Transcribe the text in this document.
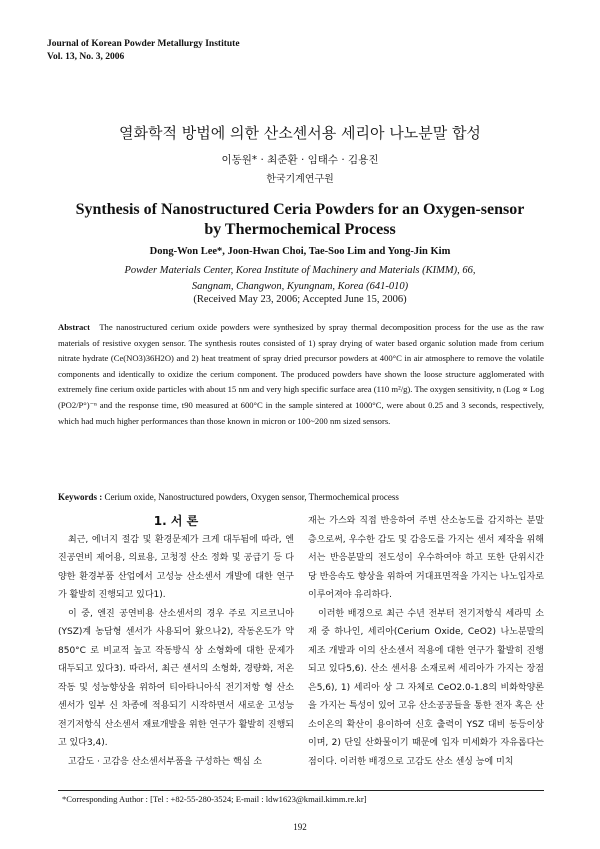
Journal of Korean Powder Metallurgy Institute
Vol. 13, No. 3, 2006
열화학적 방법에 의한 산소센서용 세리아 나노분말 합성
이동원* · 최준환 · 임태수 · 김용진
한국기계연구원
Synthesis of Nanostructured Ceria Powders for an Oxygen-sensor
by Thermochemical Process
Dong-Won Lee*, Joon-Hwan Choi, Tae-Soo Lim and Yong-Jin Kim
Powder Materials Center, Korea Institute of Machinery and Materials (KIMM), 66,
Sangnam, Changwon, Kyungnam, Korea (641-010)
(Received May 23, 2006; Accepted June 15, 2006)
Abstract The nanostructured cerium oxide powders were synthesized by spray thermal decomposition process for the use as the raw materials of resistive oxygen sensor. The synthesis routes consisted of 1) spray drying of water based organic solution made from cerium nitrate hydrate (Ce(NO3)36H2O) and 2) heat treatment of spray dried precursor powders at 400°C in air atmosphere to remove the volatile components and identically to oxidize the cerium component. The produced powders have shown the loose structure agglomerated with extremely fine cerium oxide particles with about 15 nm and very high specific surface area (110 m²/g). The oxygen sensitivity, n (Log ∝ Log (PO2/P°)⁻ⁿ and the response time, t90 measured at 600°C in the sample sintered at 1000°C, were about 0.25 and 3 seconds, respectively, which had much higher performances than those known in micron or 100~200 nm sized sensors.
Keywords : Cerium oxide, Nanostructured powders, Oxygen sensor, Thermochemical process

1. 서 론

최근, 에너지 절감 및 환경문제가 크게 대두됨에 따라, 엔진공연비 제어용, 의료용, 고청정 산소 정화 및 공급기 등 다양한 환경부품 산업에서 고성능 산소센서 개발에 대한 연구가 활발히 진행되고 있다1).

이 중, 엔진 공연비용 산소센서의 경우 주로 지르코니아(YSZ)계 농담형 센서가 사용되어 왔으나2), 작동온도가 약 850°C 로 비교적 높고 작동방식 상 소형화에 대한 문제가 대두되고 있다3). 따라서, 최근 센서의 소형화, 경량화, 저온작동 및 성능향상을 위하여 티아타니아식 전기저항 형 산소센서가 일부 신 차종에 적용되기 시작하면서 새로운 고성능 전기저항식 산소센서 재료개발을 위한 연구가 활발히 진행되고 있다3,4).

고감도 · 고감응 산소센서부품을 구성하는 핵심 소

재는 가스와 직접 반응하여 주변 산소농도를 감지하는 분말 층으로써, 우수한 감도 및 감응도를 가지는 센서 제작을 위해서는 반응분말의 전도성이 우수하여야 하고 또한 단위시간 당 반응속도 향상을 위하여 거대표면적을 가지는 나노입자로 이루어져야 유리하다.

이러한 배경으로 최근 수년 전부터 전기저항식 세라믹 소재 중 하나인, 세리아(Cerium Oxide, CeO2) 나노분말의 제조 개발과 이의 산소센서 적용에 대한 연구가 활발히 진행되고 있다5,6). 산소 센서용 소재로써 세리아가 가지는 장점은5,6), 1) 세리아 상 그 자체로 CeO2.0-1.8의 비화학양론을 가지는 특성이 있어 고유 산소공공들을 통한 전자 혹은 산소이온의 확산이 용이하여 신호 출력이 YSZ 대비 동등이상 이며, 2) 단일 산화물이기 때문에 입자 미세화가 자유롭다는 점이다. 이러한 배경으로 고감도 산소 센싱 능에 미치

*Corresponding Author : [Tel : +82-55-280-3524; E-mail : ldw1623@kmail.kimm.re.kr]
192
